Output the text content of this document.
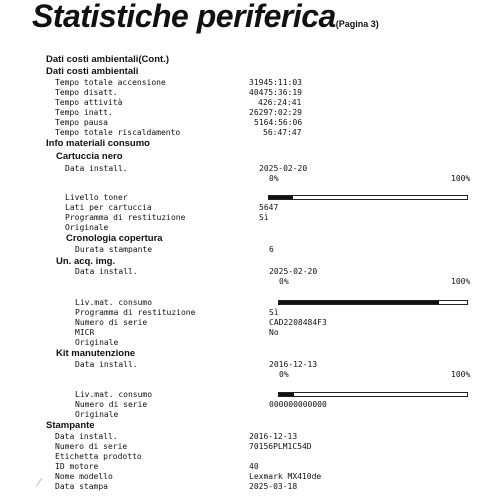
Statistiche periferica(Pagina 3)
Dati costi ambientali(Cont.)
Dati costi ambientali
Tempo totale accensione	31945:11:03
Tempo disatt.	40475:36:19
Tempo attività	426:24:41
Tempo inatt.	26297:02:29
Tempo pausa	5164:56:06
Tempo totale riscaldamento	56:47:47
Info materiali consumo
Cartuccia nero
Data install.	2025-02-20
0%	100%
Livello toner
Lati per cartuccia	5647
Programma di restituzione	Sì
Originale
Cronologia copertura
Durata stampante	6
Un. acq. img.
Data install.	2025-02-20
0%	100%
Liv.mat. consumo
Programma di restituzione	Sì
Numero di serie	CAD2208484F3
MICR	No
Originale
Kit manutenzione
Data install.	2016-12-13
0%	100%
Liv.mat. consumo
Numero di serie	000000000000
Originale
Stampante
Data install.	2016-12-13
Numero di serie	70156PLM1C54D
Etichetta prodotto
ID motore	40
Nome modello	Lexmark MX410de
Data stampa	2025-03-18
